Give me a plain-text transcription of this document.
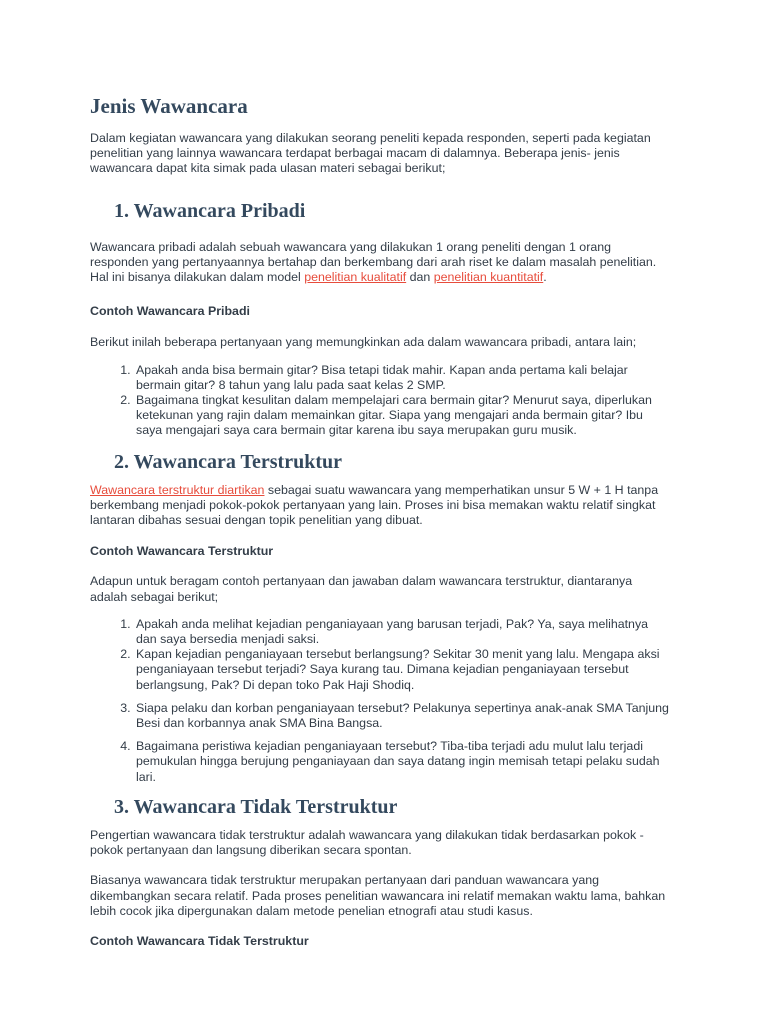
Jenis Wawancara

Dalam kegiatan wawancara yang dilakukan seorang peneliti kepada responden, seperti pada kegiatan penelitian yang lainnya wawancara terdapat berbagai macam di dalamnya. Beberapa jenis- jenis wawancara dapat kita simak pada ulasan materi sebagai berikut;

1. Wawancara Pribadi

Wawancara pribadi adalah sebuah wawancara yang dilakukan 1 orang peneliti dengan 1 orang responden yang pertanyaannya bertahap dan berkembang dari arah riset ke dalam masalah penelitian. Hal ini bisanya dilakukan dalam model penelitian kualitatif dan penelitian kuantitatif.

Contoh Wawancara Pribadi

Berikut inilah beberapa pertanyaan yang memungkinkan ada dalam wawancara pribadi, antara lain;

1. Apakah anda bisa bermain gitar? Bisa tetapi tidak mahir. Kapan anda pertama kali belajar bermain gitar? 8 tahun yang lalu pada saat kelas 2 SMP.
2. Bagaimana tingkat kesulitan dalam mempelajari cara bermain gitar? Menurut saya, diperlukan ketekunan yang rajin dalam memainkan gitar. Siapa yang mengajari anda bermain gitar? Ibu saya mengajari saya cara bermain gitar karena ibu saya merupakan guru musik.
2. Wawancara Terstruktur

Wawancara terstruktur diartikan sebagai suatu wawancara yang memperhatikan unsur 5 W + 1 H tanpa berkembang menjadi pokok-pokok pertanyaan yang lain. Proses ini bisa memakan waktu relatif singkat lantaran dibahas sesuai dengan topik penelitian yang dibuat.

Contoh Wawancara Terstruktur

Adapun untuk beragam contoh pertanyaan dan jawaban dalam wawancara terstruktur, diantaranya adalah sebagai berikut;

1. Apakah anda melihat kejadian penganiayaan yang barusan terjadi, Pak? Ya, saya melihatnya dan saya bersedia menjadi saksi.
2. Kapan kejadian penganiayaan tersebut berlangsung? Sekitar 30 menit yang lalu. Mengapa aksi penganiayaan tersebut terjadi? Saya kurang tau. Dimana kejadian penganiayaan tersebut berlangsung, Pak? Di depan toko Pak Haji Shodiq.
3. Siapa pelaku dan korban penganiayaan tersebut? Pelakunya sepertinya anak-anak SMA Tanjung Besi dan korbannya anak SMA Bina Bangsa.
4. Bagaimana peristiwa kejadian penganiayaan tersebut? Tiba-tiba terjadi adu mulut lalu terjadi pemukulan hingga berujung penganiayaan dan saya datang ingin memisah tetapi pelaku sudah lari.
3. Wawancara Tidak Terstruktur

Pengertian wawancara tidak terstruktur adalah wawancara yang dilakukan tidak berdasarkan pokok - pokok pertanyaan dan langsung diberikan secara spontan.

Biasanya wawancara tidak terstruktur merupakan pertanyaan dari panduan wawancara yang dikembangkan secara relatif. Pada proses penelitian wawancara ini relatif memakan waktu lama, bahkan lebih cocok jika dipergunakan dalam metode penelian etnografi atau studi kasus.

Contoh Wawancara Tidak Terstruktur
